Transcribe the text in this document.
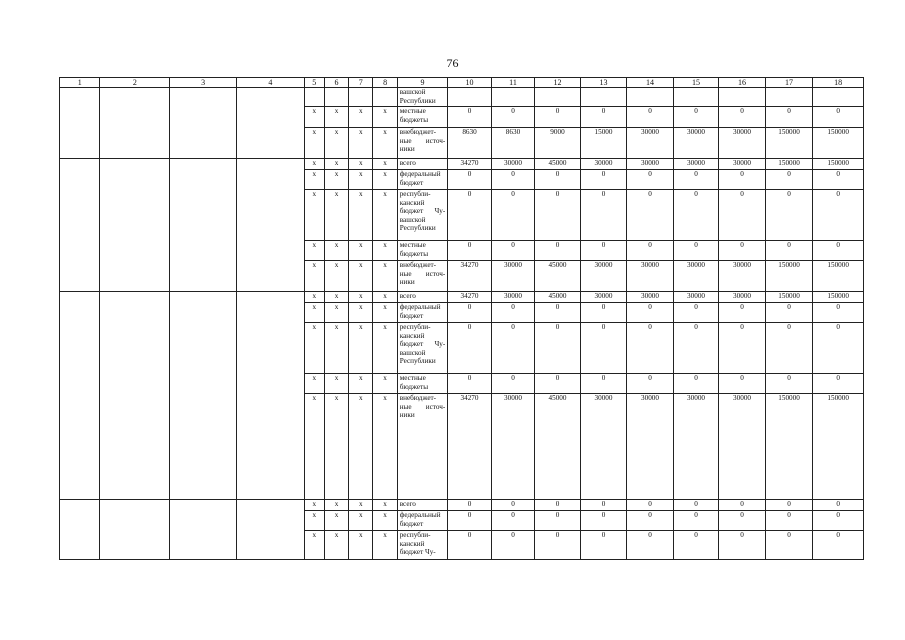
76
1	2	3	4	5	6	7	8	9	10	11	12	13	14	15	16	17	18
								вашской Республики									
				x	x	x	x	местные бюджеты	0	0	0	0	0	0	0	0	0
				x	x	x	x	внебюджет-ные источ-ники	8630	8630	9000	15000	30000	30000	30000	150000	150000
				x	x	x	x	всего	34270	30000	45000	30000	30000	30000	30000	150000	150000
				x	x	x	x	федеральный бюджет	0	0	0	0	0	0	0	0	0
				x	x	x	x	республи-канский бюджет Чу-вашской Республики	0	0	0	0	0	0	0	0	0
				x	x	x	x	местные бюджеты	0	0	0	0	0	0	0	0	0
				x	x	x	x	внебюджет-ные источ-ники	34270	30000	45000	30000	30000	30000	30000	150000	150000
				x	x	x	x	всего	34270	30000	45000	30000	30000	30000	30000	150000	150000
				x	x	x	x	федеральный бюджет	0	0	0	0	0	0	0	0	0
				x	x	x	x	республи-канский бюджет Чу-вашской Республики	0	0	0	0	0	0	0	0	0
				x	x	x	x	местные бюджеты	0	0	0	0	0	0	0	0	0
				x	x	x	x	внебюджет-ные источ-ники	34270	30000	45000	30000	30000	30000	30000	150000	150000
				x	x	x	x	всего	0	0	0	0	0	0	0	0	0
				x	x	x	x	федеральный бюджет	0	0	0	0	0	0	0	0	0
				x	x	x	x	республи-канский бюджет Чу-	0	0	0	0	0	0	0	0	0
